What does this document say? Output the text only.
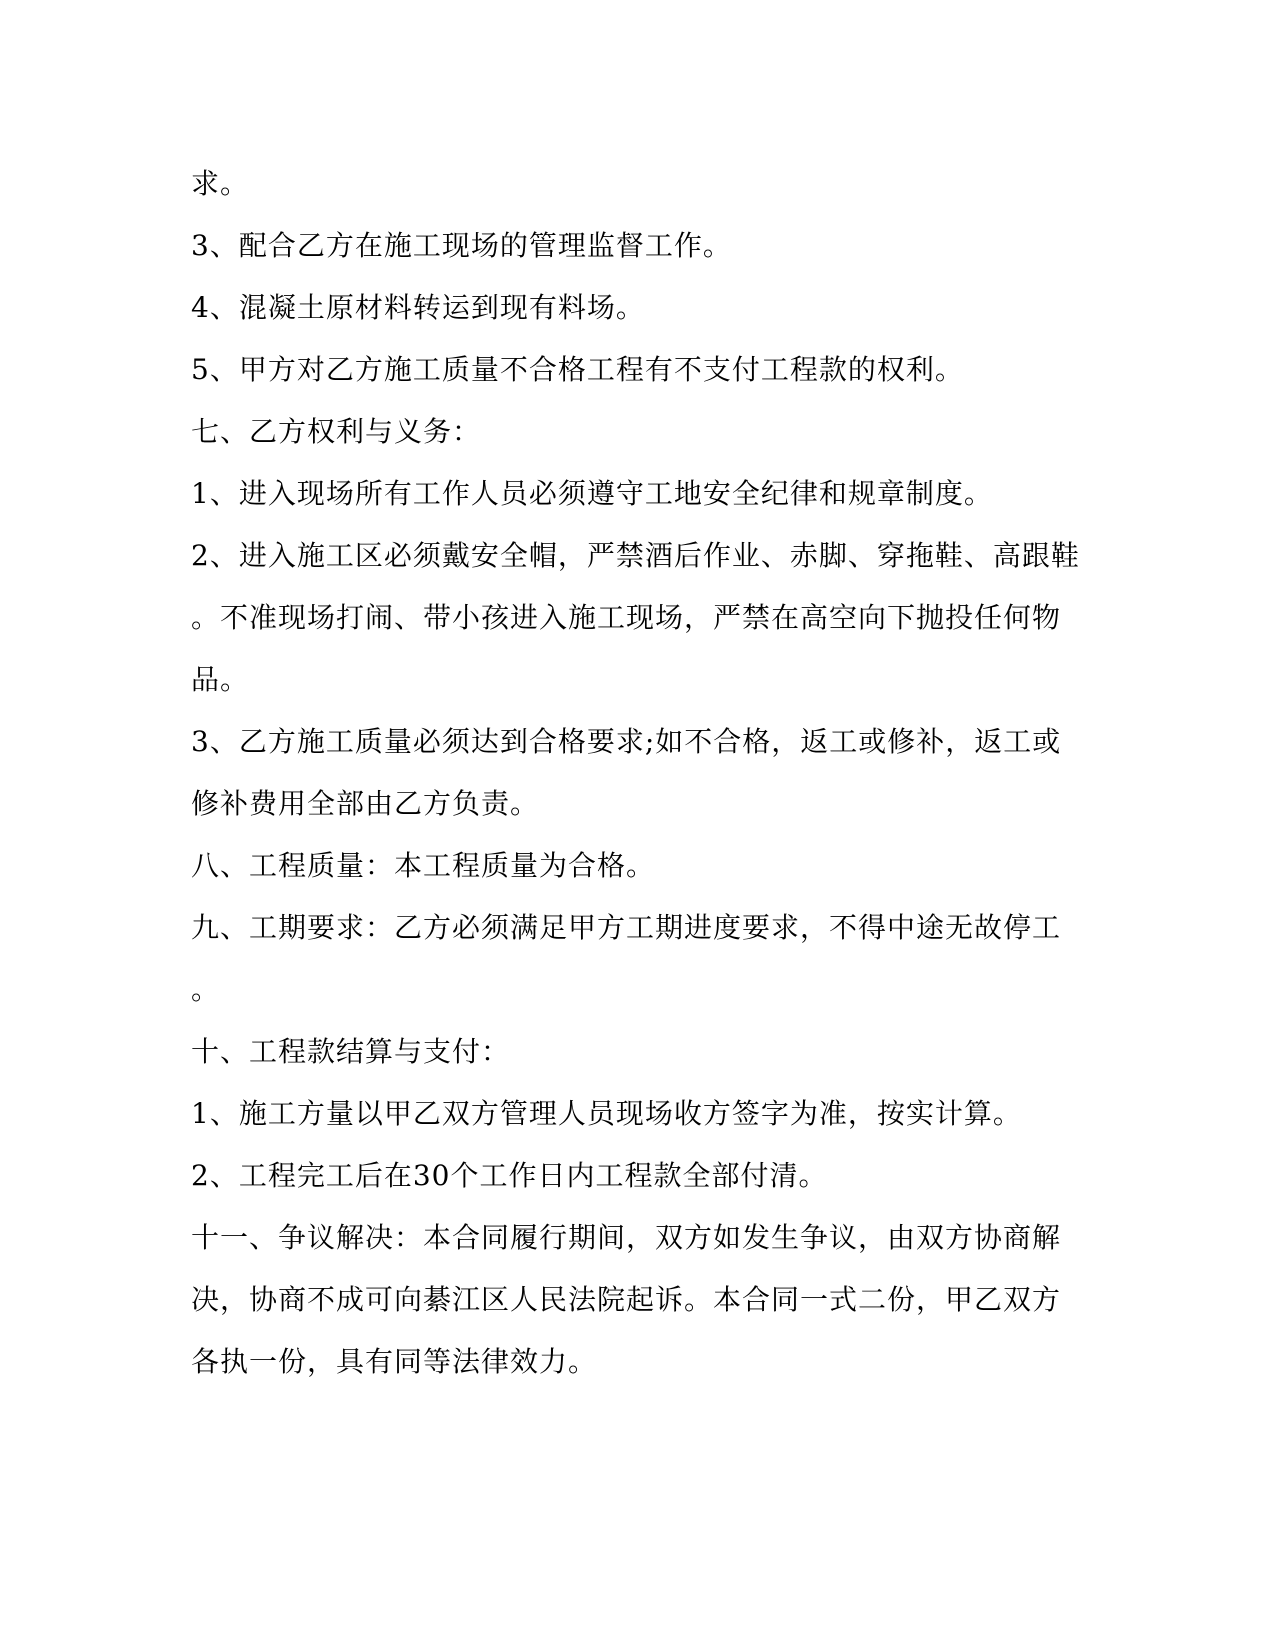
求。

3、配合乙方在施工现场的管理监督工作。

4、混凝土原材料转运到现有料场。

5、甲方对乙方施工质量不合格工程有不支付工程款的权利。

七、乙方权利与义务：

1、进入现场所有工作人员必须遵守工地安全纪律和规章制度。

2、进入施工区必须戴安全帽，严禁酒后作业、赤脚、穿拖鞋、高跟鞋

。不准现场打闹、带小孩进入施工现场，严禁在高空向下抛投任何物

品。

3、乙方施工质量必须达到合格要求;如不合格，返工或修补，返工或

修补费用全部由乙方负责。

八、工程质量：本工程质量为合格。

九、工期要求：乙方必须满足甲方工期进度要求，不得中途无故停工

。

十、工程款结算与支付：

1、施工方量以甲乙双方管理人员现场收方签字为准，按实计算。

2、工程完工后在30个工作日内工程款全部付清。

十一、争议解决：本合同履行期间，双方如发生争议，由双方协商解

决，协商不成可向綦江区人民法院起诉。本合同一式二份，甲乙双方

各执一份，具有同等法律效力。
